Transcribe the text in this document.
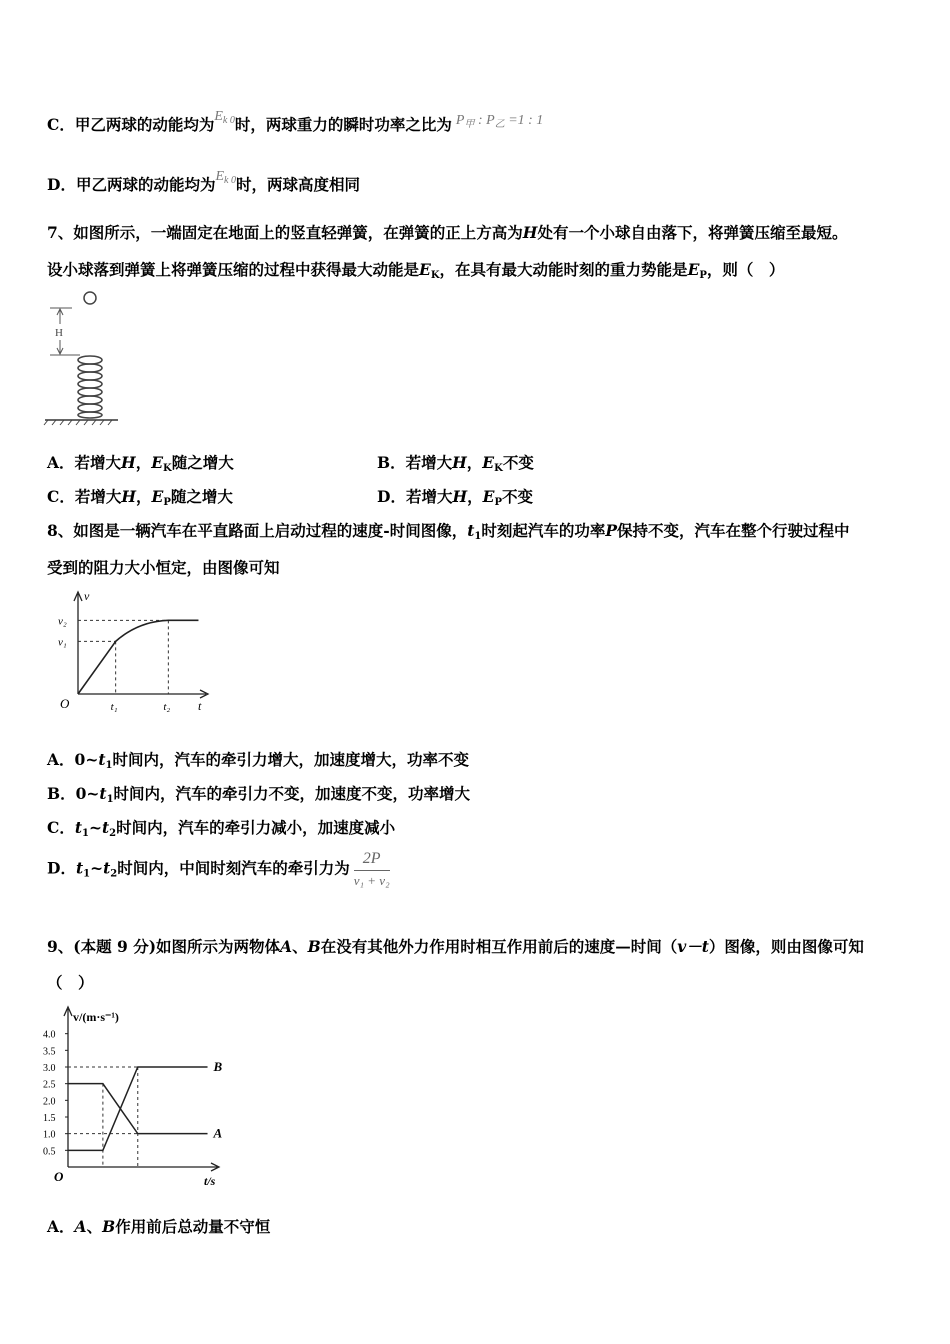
C．甲乙两球的动能均为$E_{k 0}$时，两球重力的瞬时功率之比为 $P_甲$ : $P_乙 =1$ : 1
D．甲乙两球的动能均为$E_{k 0}$时，两球高度相同
7、如图所示，一端固定在地面上的竖直轻弹簧，在弹簧的正上方高为H处有一个小球自由落下，将弹簧压缩至最短。
设小球落到弹簧上将弹簧压缩的过程中获得最大动能是$E_K$，在具有最大动能时刻的重力势能是$E_P$，则（　）
H
A．若增大H，$E_K$随之增大	B．若增大H，$E_K$不变
C．若增大H，$E_P$随之增大	D．若增大H，$E_P$不变
8、如图是一辆汽车在平直路面上启动过程的速度-时间图像，$t_1$时刻起汽车的功率P保持不变，汽车在整个行驶过程中
受到的阻力大小恒定，由图像可知
v
t
O
v₁
v₂
t₁	t₂
A．$0\sim t_1$时间内，汽车的牵引力增大，加速度增大，功率不变
B．$0\sim t_1$时间内，汽车的牵引力不变，加速度不变，功率增大
C．$t_1\sim t_2$时间内，汽车的牵引力减小，加速度减小
D．$t_1\sim t_2$时间内，中间时刻汽车的牵引力为 $\frac{2P}{\text{v₁ + v₂}}$
9、(本题 9 分)如图所示为两物体A、B在没有其他外力作用时相互作用前后的速度—时间（v－t）图像，则由图像可知
（　）
v/(m·s⁻¹)
t/s
O
0.5
1.0
1.5
2.0
2.5
3.0
3.5
4.0
A
B
A．A、B作用前后总动量不守恒
